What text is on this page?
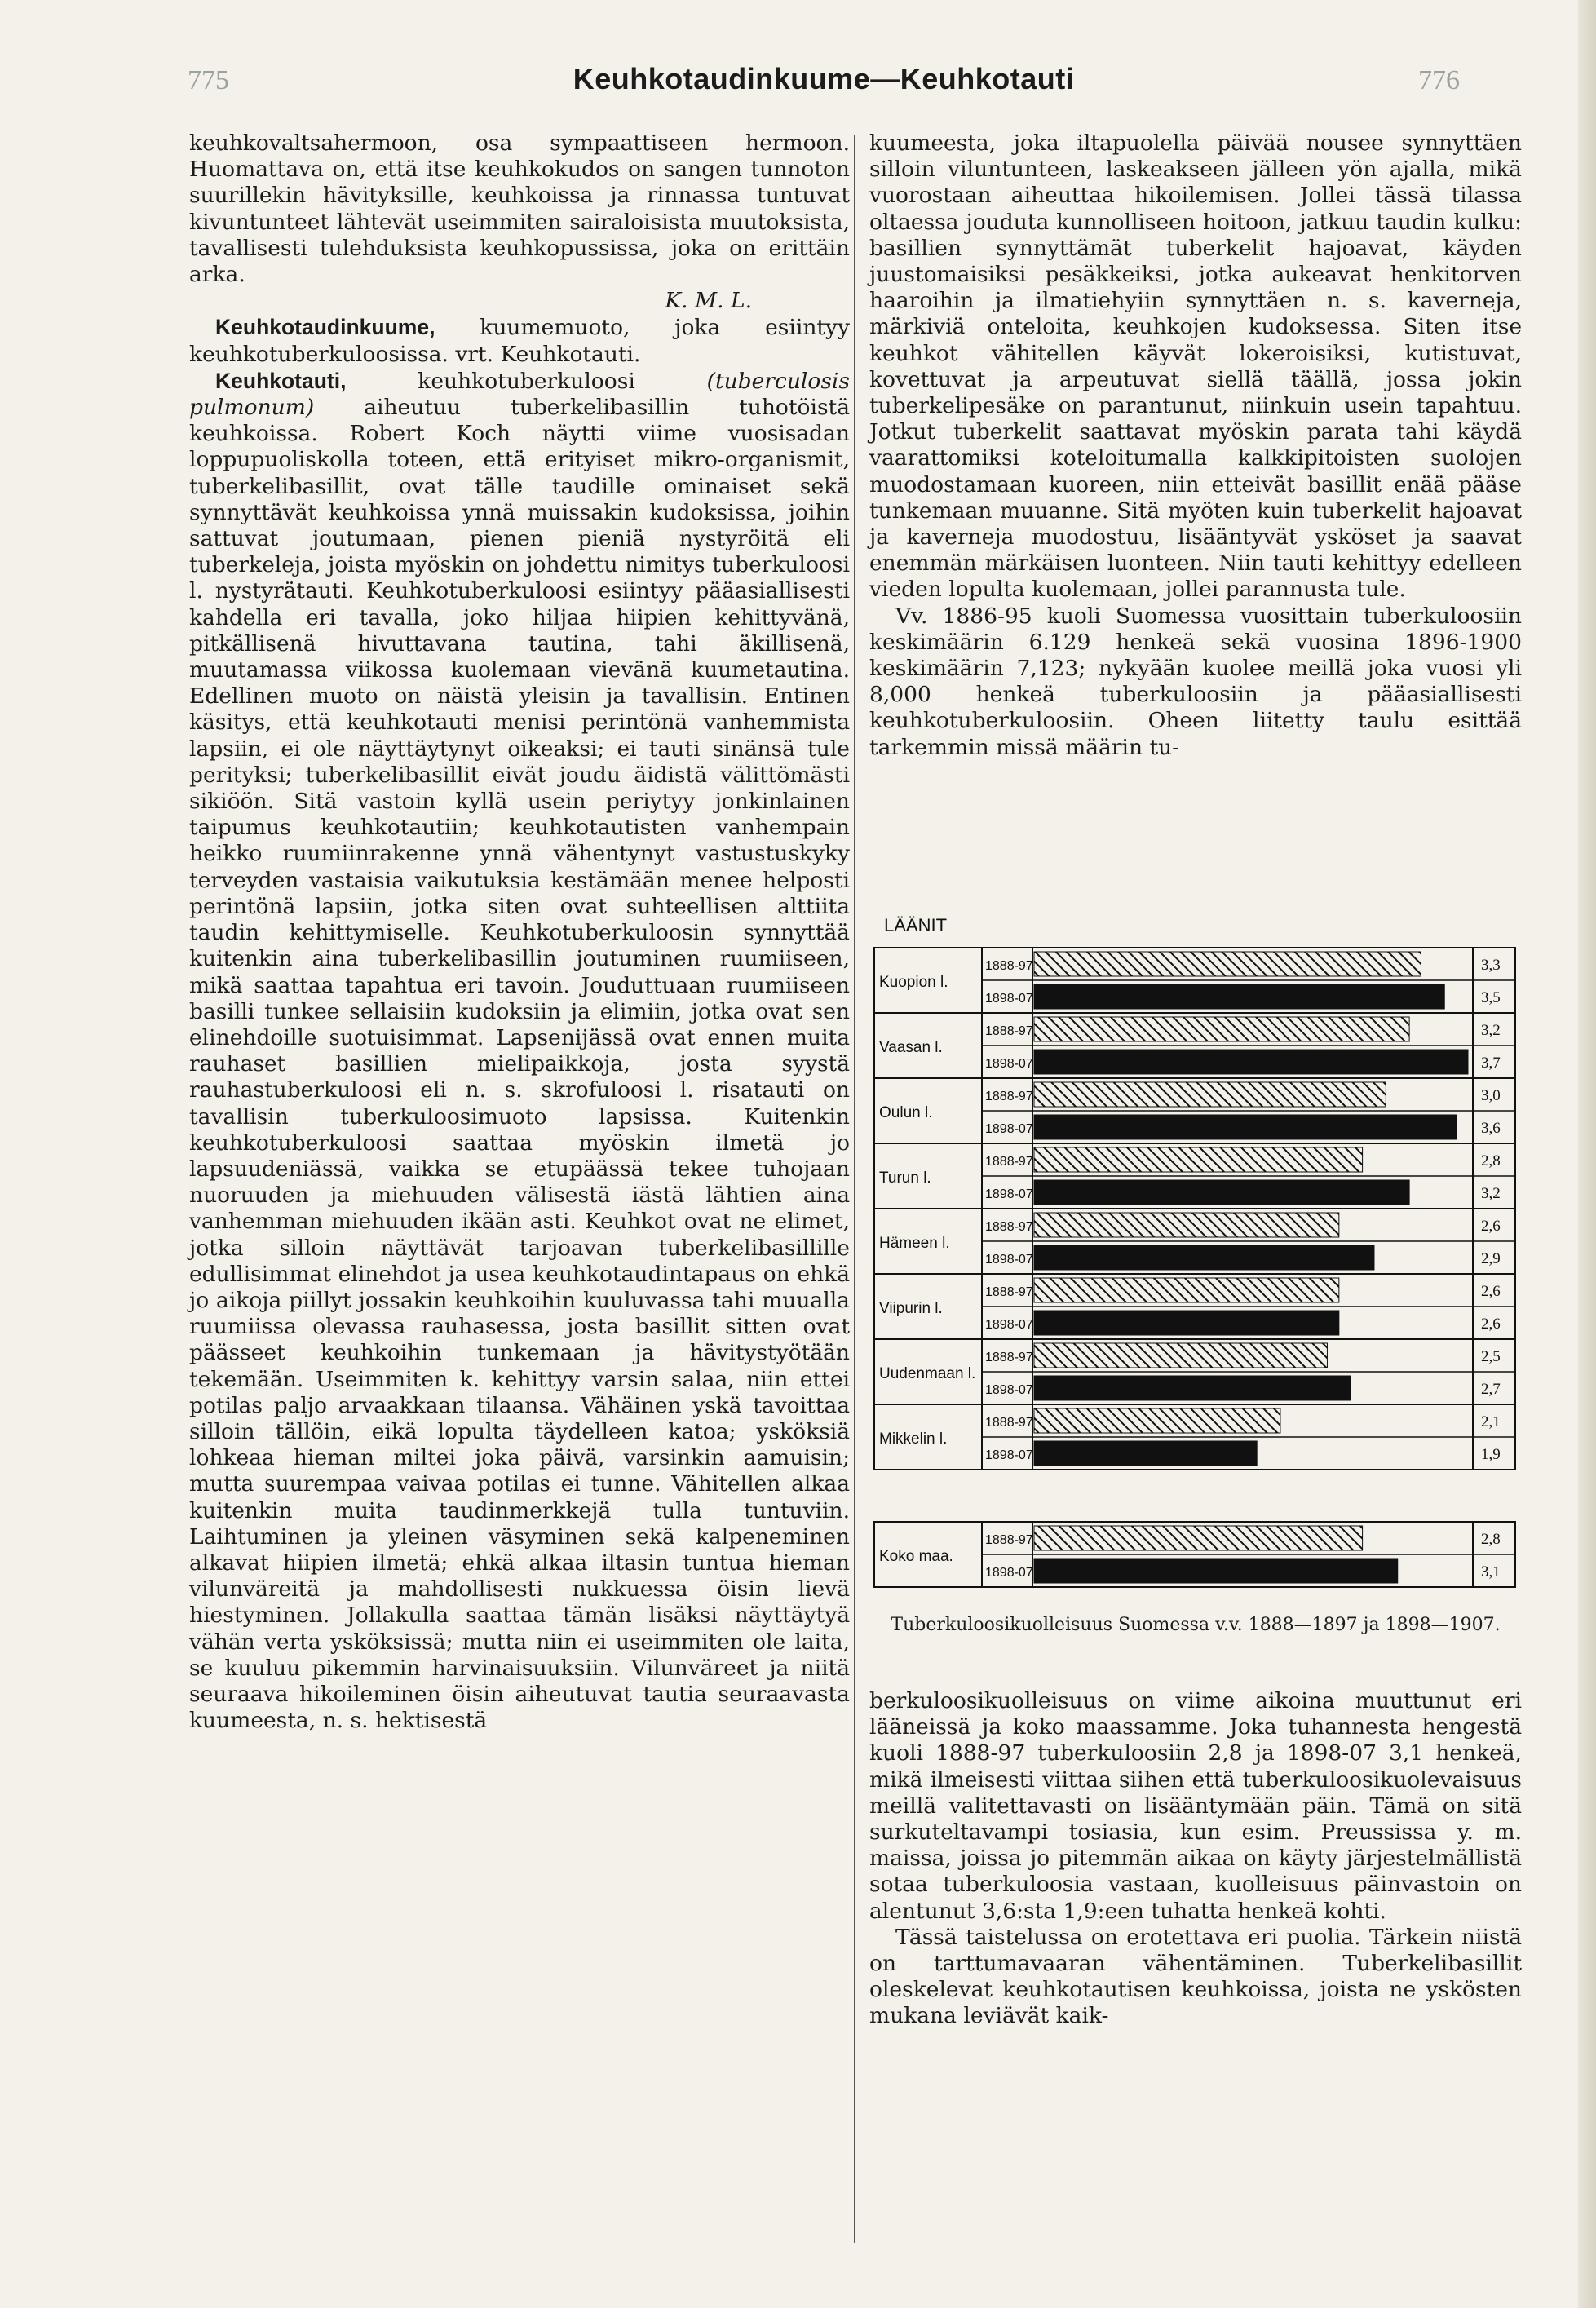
775	Keuhkotaudinkuume—Keuhkotauti	776

keuhkovaltsahermoon, osa sympaattiseen hermoon. Huomattava on, että itse keuhkokudos on sangen tunnoton suurillekin hävityksille, keuhkoissa ja rinnassa tuntuvat kivuntunteet lähtevät useimmiten sairaloisista muutoksista, tavallisesti tulehduksista keuhkopussissa, joka on erittäin arka.

K. M. L.

Keuhkotaudinkuume, kuumemuoto, joka esiintyy keuhkotuberkuloosissa. vrt. Keuhkotauti.

Keuhkotauti, keuhkotuberkuloosi (tuberculosis pulmonum) aiheutuu tuberkelibasillin tuhotöistä keuhkoissa. Robert Koch näytti viime vuosisadan loppupuoliskolla toteen, että erityiset mikro-organismit, tuberkelibasillit, ovat tälle taudille ominaiset sekä synnyttävät keuhkoissa ynnä muissakin kudoksissa, joihin sattuvat joutumaan, pienen pieniä nystyröitä eli tuberkeleja, joista myöskin on johdettu nimitys tuberkuloosi l. nystyrätauti. Keuhkotuberkuloosi esiintyy pääasiallisesti kahdella eri tavalla, joko hiljaa hiipien kehittyvänä, pitkällisenä hivuttavana tautina, tahi äkillisenä, muutamassa viikossa kuolemaan vievänä kuumetautina. Edellinen muoto on näistä yleisin ja tavallisin. Entinen käsitys, että keuhkotauti menisi perintönä vanhemmista lapsiin, ei ole näyttäytynyt oikeaksi; ei tauti sinänsä tule perityksi; tuberkelibasillit eivät joudu äidistä välittömästi sikiöön. Sitä vastoin kyllä usein periytyy jonkinlainen taipumus keuhkotautiin; keuhkotautisten vanhempain heikko ruumiinrakenne ynnä vähentynyt vastustuskyky terveyden vastaisia vaikutuksia kestämään menee helposti perintönä lapsiin, jotka siten ovat suhteellisen alttiita taudin kehittymiselle. Keuhkotuberkuloosin synnyttää kuitenkin aina tuberkelibasillin joutuminen ruumiiseen, mikä saattaa tapahtua eri tavoin. Jouduttuaan ruumiiseen basilli tunkee sellaisiin kudoksiin ja elimiin, jotka ovat sen elinehdoille suotuisimmat. Lapsenijässä ovat ennen muita rauhaset basillien mielipaikkoja, josta syystä rauhastuberkuloosi eli n. s. skrofuloosi l. risatauti on tavallisin tuberkuloosimuoto lapsissa. Kuitenkin keuhkotuberkuloosi saattaa myöskin ilmetä jo lapsuudeniässä, vaikka se etupäässä tekee tuhojaan nuoruuden ja miehuuden välisestä iästä lähtien aina vanhemman miehuuden ikään asti. Keuhkot ovat ne elimet, jotka silloin näyttävät tarjoavan tuberkelibasillille edullisimmat elinehdot ja usea keuhkotaudintapaus on ehkä jo aikoja piillyt jossakin keuhkoihin kuuluvassa tahi muualla ruumiissa olevassa rauhasessa, josta basillit sitten ovat päässeet keuhkoihin tunkemaan ja hävitystyötään tekemään. Useimmiten k. kehittyy varsin salaa, niin ettei potilas paljo arvaakkaan tilaansa. Vähäinen yskä tavoittaa silloin tällöin, eikä lopulta täydelleen katoa; ysköksiä lohkeaa hieman miltei joka päivä, varsinkin aamuisin; mutta suurempaa vaivaa potilas ei tunne. Vähitellen alkaa kuitenkin muita taudinmerkkejä tulla tuntuviin. Laihtuminen ja yleinen väsyminen sekä kalpeneminen alkavat hiipien ilmetä; ehkä alkaa iltasin tuntua hieman vilunväreitä ja mahdollisesti nukkuessa öisin lievä hiestyminen. Jollakulla saattaa tämän lisäksi näyttäytyä vähän verta ysköksissä; mutta niin ei useimmiten ole laita, se kuuluu pikemmin harvinaisuuksiin. Vilunväreet ja niitä seuraava hikoileminen öisin aiheutuvat tautia seuraavasta kuumeesta, n. s. hektisestä

kuumeesta, joka iltapuolella päivää nousee synnyttäen silloin viluntunteen, laskeakseen jälleen yön ajalla, mikä vuorostaan aiheuttaa hikoilemisen. Jollei tässä tilassa oltaessa jouduta kunnolliseen hoitoon, jatkuu taudin kulku: basillien synnyttämät tuberkelit hajoavat, käyden juustomaisiksi pesäkkeiksi, jotka aukeavat henkitorven haaroihin ja ilmatiehyiin synnyttäen n. s. kaverneja, märkiviä onteloita, keuhkojen kudoksessa. Siten itse keuhkot vähitellen käyvät lokeroisiksi, kutistuvat, kovettuvat ja arpeutuvat siellä täällä, jossa jokin tuberkelipesäke on parantunut, niinkuin usein tapahtuu. Jotkut tuberkelit saattavat myöskin parata tahi käydä vaarattomiksi koteloitumalla kalkkipitoisten suolojen muodostamaan kuoreen, niin etteivät basillit enää pääse tunkemaan muuanne. Sitä myöten kuin tuberkelit hajoavat ja kaverneja muodostuu, lisääntyvät ysköset ja saavat enemmän märkäisen luonteen. Niin tauti kehittyy edelleen vieden lopulta kuolemaan, jollei parannusta tule.

Vv. 1886-95 kuoli Suomessa vuosittain tuberkuloosiin keskimäärin 6.129 henkeä sekä vuosina 1896-1900 keskimäärin 7,123; nykyään kuolee meillä joka vuosi yli 8,000 henkeä tuberkuloosiin ja pääasiallisesti keuhkotuberkuloosiin. Oheen liitetty taulu esittää tarkemmin missä määrin tu-

LÄÄNIT
Kuopion l.
1888-97	3,3
1898-07	3,5
Vaasan l.
1888-97	3,2
1898-07	3,7
Oulun l.
1888-97	3,0
1898-07	3,6
Turun l.
1888-97	2,8
1898-07	3,2
Hämeen l.
1888-97	2,6
1898-07	2,9
Viipurin l.
1888-97	2,6
1898-07	2,6
Uudenmaan l.
1888-97	2,5
1898-07	2,7
Mikkelin l.
1888-97	2,1
1898-07	1,9
Koko maa.
1888-97	2,8
1898-07	3,1
Tuberkuloosikuolleisuus Suomessa v.v. 1888—1897 ja 1898—1907.

berkuloosikuolleisuus on viime aikoina muuttunut eri lääneissä ja koko maassamme. Joka tuhannesta hengestä kuoli 1888-97 tuberkuloosiin 2,8 ja 1898-07 3,1 henkeä, mikä ilmeisesti viittaa siihen että tuberkuloosikuolevaisuus meillä valitettavasti on lisääntymään päin. Tämä on sitä surkuteltavampi tosiasia, kun esim. Preussissa y. m. maissa, joissa jo pitemmän aikaa on käyty järjestelmällistä sotaa tuberkuloosia vastaan, kuolleisuus päinvastoin on alentunut 3,6:sta 1,9:een tuhatta henkeä kohti.

Tässä taistelussa on erotettava eri puolia. Tärkein niistä on tarttumavaaran vähentäminen. Tuberkelibasillit oleskelevat keuhkotautisen keuhkoissa, joista ne yskösten mukana leviävät kaik-
